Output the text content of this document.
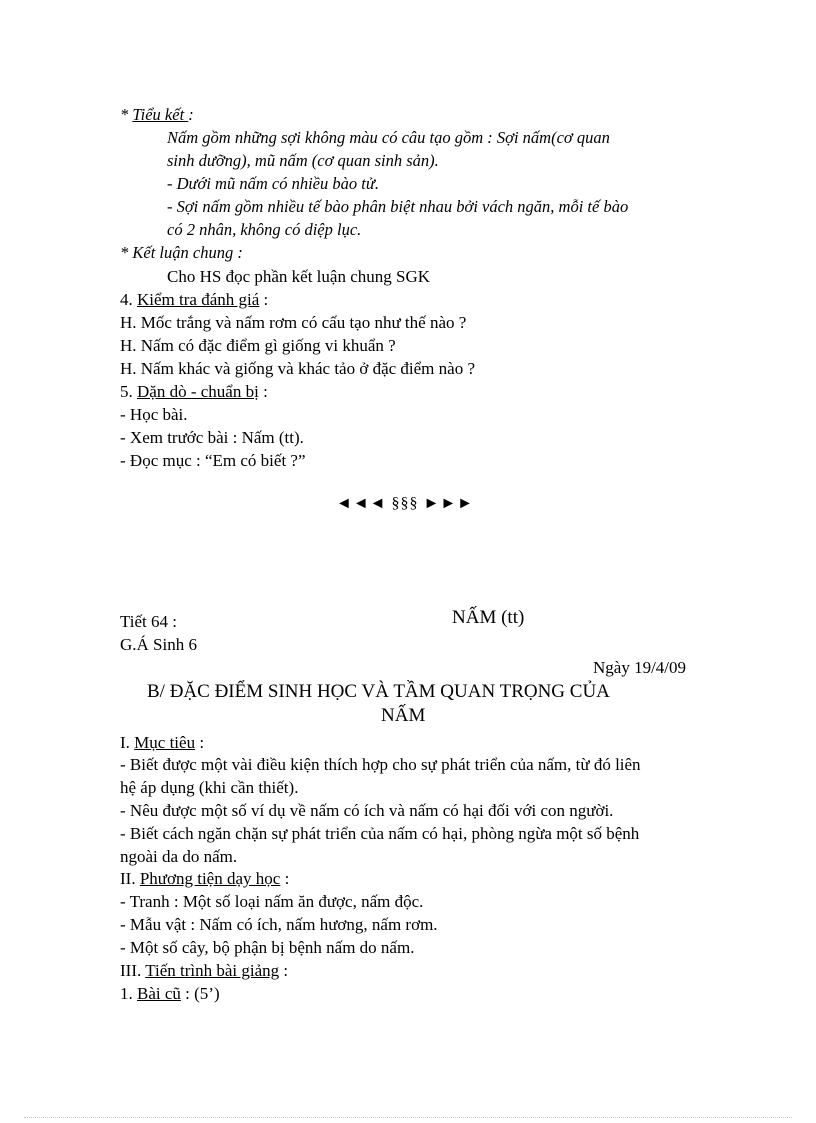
* Tiểu kết :

Nấm gồm những sợi không màu có câu tạo gồm : Sợi nấm(cơ quan

sinh dưỡng), mũ nấm (cơ quan sinh sản).

- Dưới mũ nấm có nhiều bào tử.

- Sợi nấm gồm nhiều tế bào phân biệt nhau bởi vách ngăn, mỗi tế bào

có 2 nhân, không có diệp lục.

* Kết luận chung :

Cho HS đọc phần kết luận chung SGK

4. Kiểm tra đánh giá :

H. Mốc trắng và nấm rơm có cấu tạo như thế nào ?

H. Nấm có đặc điểm gì giống vi khuẩn ?

H. Nấm khác và giống và khác tảo ở đặc điểm nào ?

5. Dặn dò - chuẩn bị :

- Học bài.

- Xem trước bài : Nấm (tt).

- Đọc mục : “Em có biết ?”

◄◄◄ §§§ ►►►

Tiết 64 :	NẤM (tt)

G.Á Sinh 6

Ngày 19/4/09

B/ ĐẶC ĐIỂM SINH HỌC VÀ TẦM QUAN TRỌNG CỦA

NẤM

I. Mục tiêu :

- Biết được một vài điều kiện thích hợp cho sự phát triển của nấm, từ đó liên

hệ áp dụng (khi cần thiết).

- Nêu được một số ví dụ về nấm có ích và nấm có hại đối với con người.

- Biết cách ngăn chặn sự phát triển của nấm có hại, phòng ngừa một số bệnh

ngoài da do nấm.

II. Phương tiện dạy học :

- Tranh : Một số loại nấm ăn được, nấm độc.

- Mẫu vật : Nấm có ích, nấm hương, nấm rơm.

- Một số cây, bộ phận bị bệnh nấm do nấm.

III. Tiến trình bài giảng :

1. Bài cũ : (5’)
